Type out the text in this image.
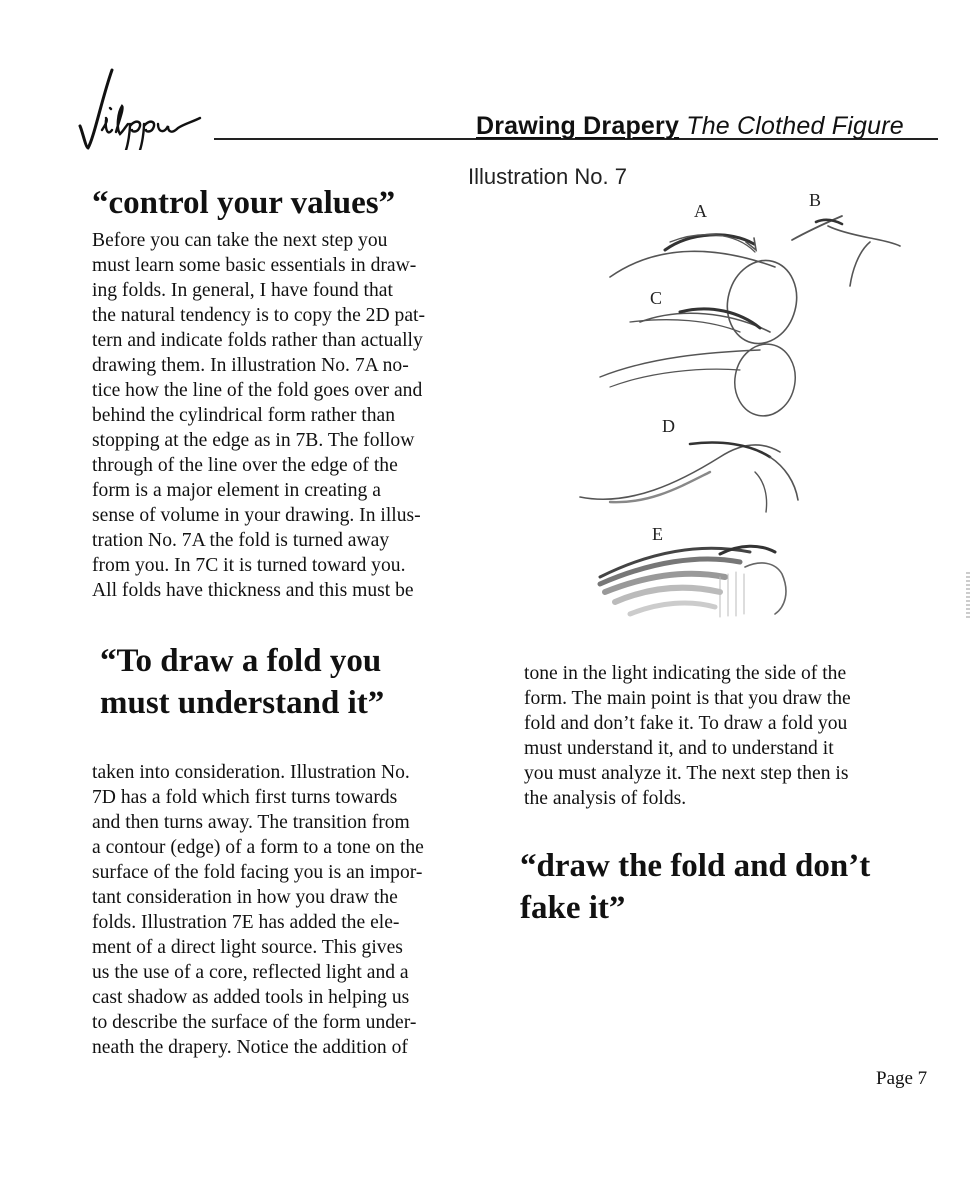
Drawing Drapery The Clothed Figure
Illustration No. 7
“control your values”
Before you can take the next step you
must learn some basic essentials in draw-
ing folds. In general, I have found that
the natural tendency is to copy the 2D pat-
tern and indicate folds rather than actually
drawing them. In illustration No. 7A no-
tice how the line of the fold goes over and
behind the cylindrical form rather than
stopping at the edge as in 7B. The follow
through of the line over the edge of the
form is a major element in creating a
sense of volume in your drawing. In illus-
tration No. 7A the fold is turned away
from you. In 7C it is turned toward you.
All folds have thickness and this must be
“To draw a fold you
must understand it”
taken into consideration. Illustration No.
7D has a fold which first turns towards
and then turns away. The transition from
a contour (edge) of a form to a tone on the
surface of the fold facing you is an impor-
tant consideration in how you draw the
folds. Illustration 7E has added the ele-
ment of a direct light source. This gives
us the use of a core, reflected light and a
cast shadow as added tools in helping us
to describe the surface of the form under-
neath the drapery. Notice the addition of
tone in the light indicating the side of the
form. The main point is that you draw the
fold and don’t fake it. To draw a fold you
must understand it, and to understand it
you must analyze it. The next step then is
the analysis of folds.
“draw the fold and don’t
fake it”
A
B
C
D
E
Page 7
